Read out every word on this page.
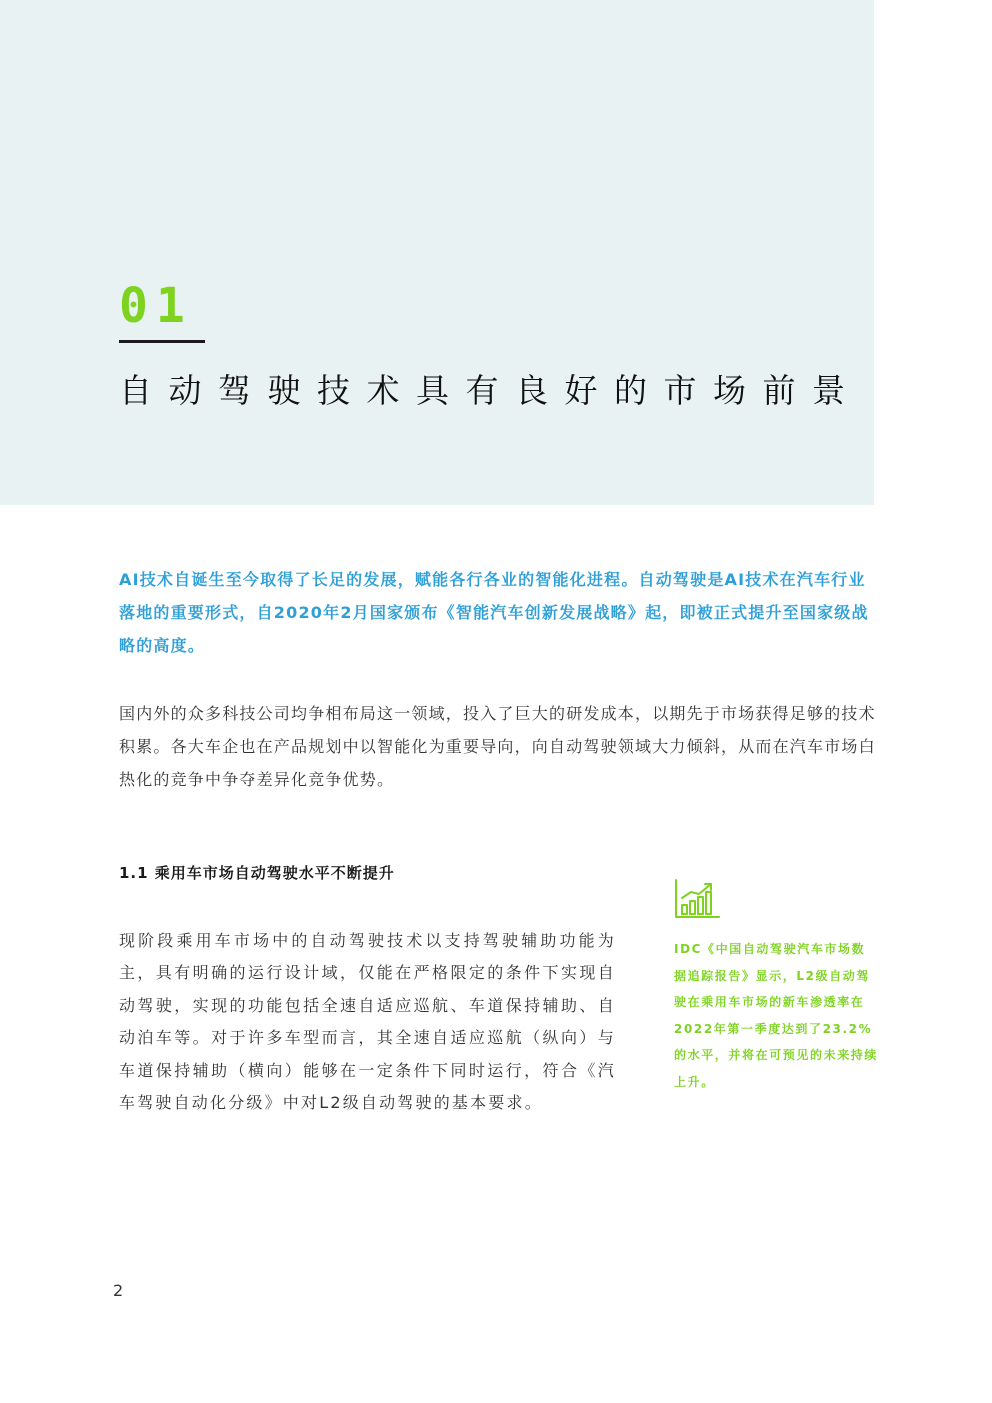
01
自动驾驶技术具有良好的市场前景

AI技术自诞生至今取得了长足的发展，赋能各行各业的智能化进程。自动驾驶是AI技术在汽车行业落地的重要形式，自2020年2月国家颁布《智能汽车创新发展战略》起，即被正式提升至国家级战略的高度。

国内外的众多科技公司均争相布局这一领域，投入了巨大的研发成本，以期先于市场获得足够的技术积累。各大车企也在产品规划中以智能化为重要导向，向自动驾驶领域大力倾斜，从而在汽车市场白热化的竞争中争夺差异化竞争优势。

1.1 乘用车市场自动驾驶水平不断提升

现阶段乘用车市场中的自动驾驶技术以支持驾驶辅助功能为主，具有明确的运行设计域，仅能在严格限定的条件下实现自动驾驶，实现的功能包括全速自适应巡航、车道保持辅助、自动泊车等。对于许多车型而言，其全速自适应巡航（纵向）与车道保持辅助（横向）能够在一定条件下同时运行，符合《汽车驾驶自动化分级》中对L2级自动驾驶的基本要求。

IDC《中国自动驾驶汽车市场数据追踪报告》显示，L2级自动驾驶在乘用车市场的新车渗透率在2022年第一季度达到了23.2%的水平，并将在可预见的未来持续上升。

2
